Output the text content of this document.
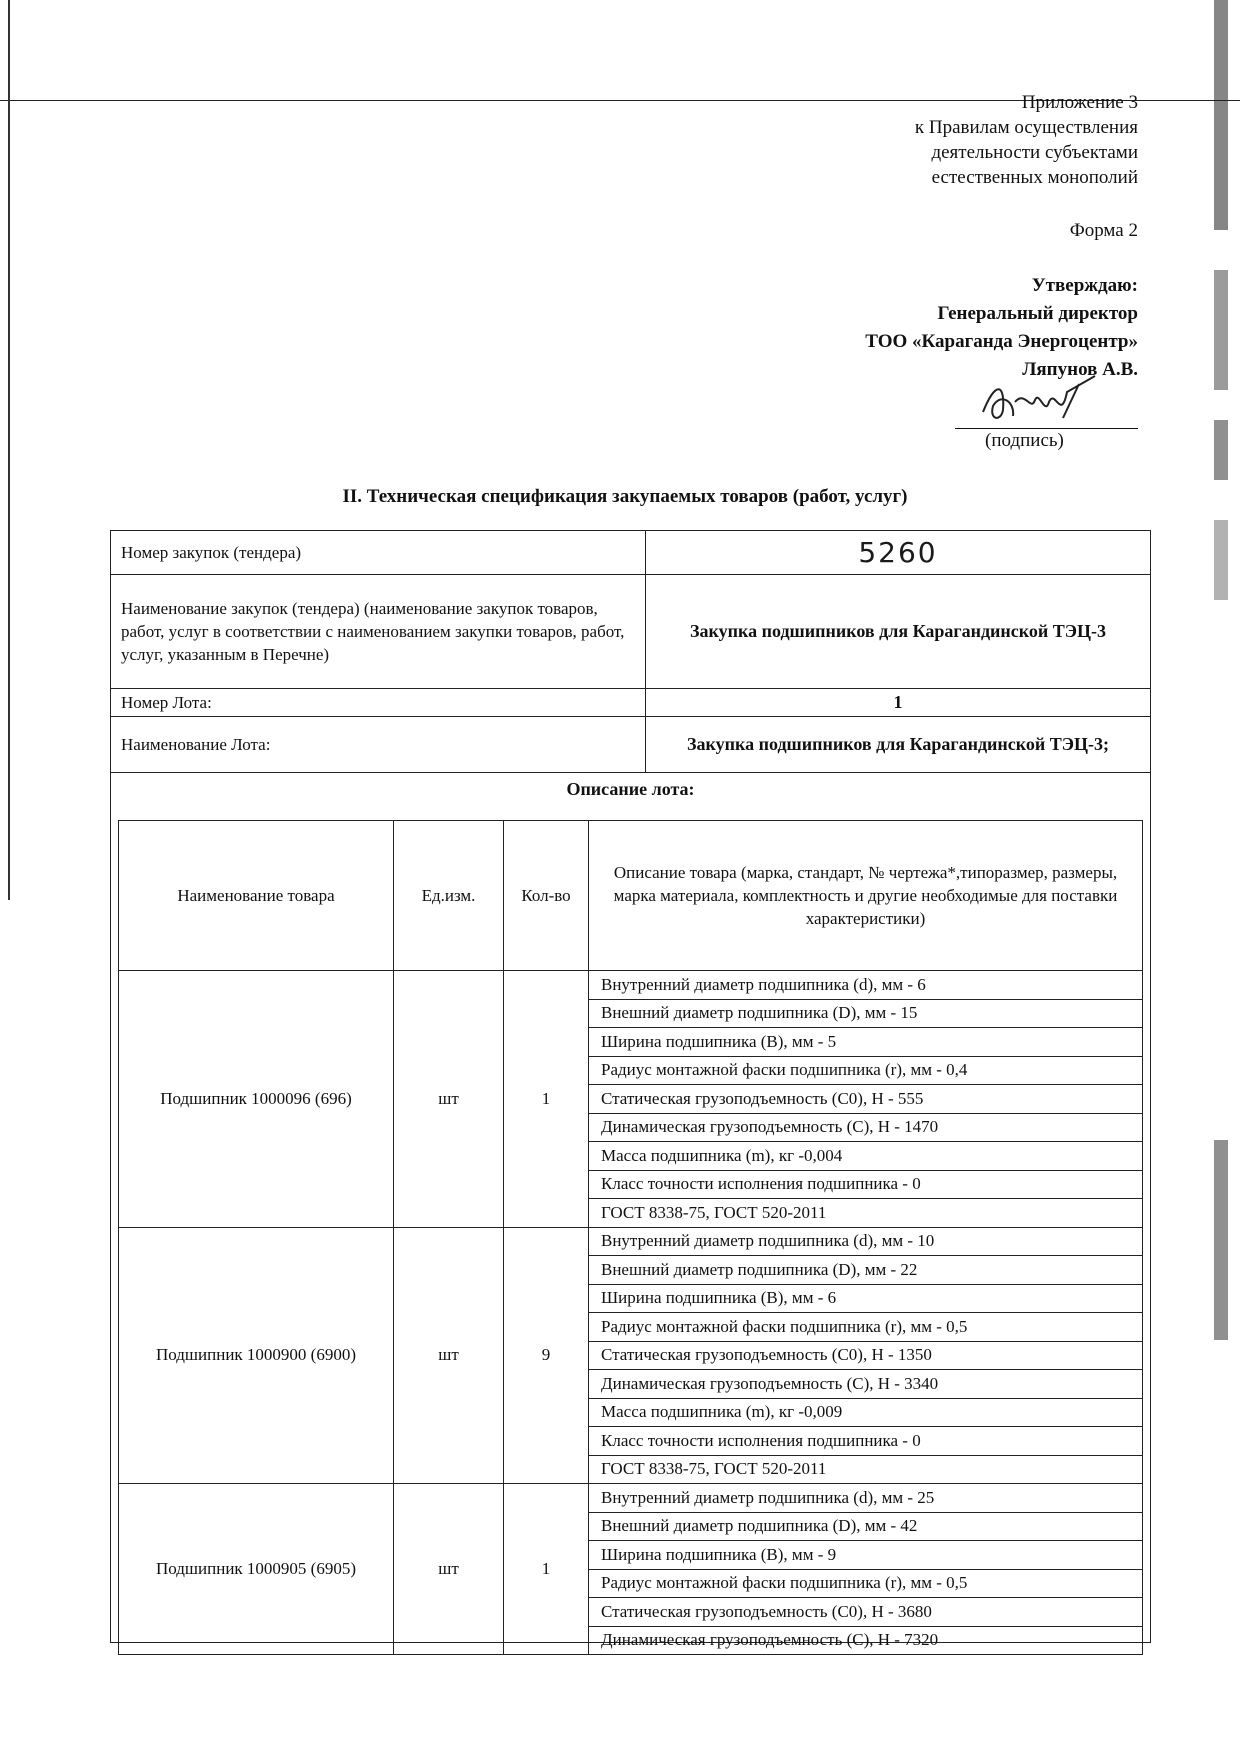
Приложение 3
к Правилам осуществления
деятельности субъектами
естественных монополий
Форма 2
Утверждаю:
Генеральный директор
ТОО «Караганда Энергоцентр»
Ляпунов А.В.
(подпись)
II. Техническая спецификация закупаемых товаров (работ, услуг)
Номер закупок (тендера)	5260
Наименование закупок (тендера) (наименование закупок товаров, работ, услуг в соответствии с наименованием закупки товаров, работ, услуг, указанным в Перечне)	Закупка подшипников для Карагандинской ТЭЦ-3
Номер Лота:	1
Наименование Лота:	Закупка подшипников для Карагандинской ТЭЦ-3;

Описание лота:	
Наименование товара	Ед.изм.	Кол-во	Описание товара (марка, стандарт, № чертежа*,типоразмер, размеры, марка материала, комплектность и другие необходимые для поставки характеристики)
Подшипник 1000096 (696)	шт	1	Внутренний диаметр подшипника (d), мм - 6
			Внешний диаметр подшипника (D), мм - 15
			Ширина подшипника (B), мм - 5
			Радиус монтажной фаски подшипника (r), мм - 0,4
			Статическая грузоподъемность (C0), Н - 555
			Динамическая грузоподъемность (C), Н - 1470
			Масса подшипника (m), кг -0,004
			Класс точности исполнения подшипника - 0
			ГОСТ 8338-75, ГОСТ 520-2011
Подшипник 1000900 (6900)	шт	9	Внутренний диаметр подшипника (d), мм - 10
			Внешний диаметр подшипника (D), мм - 22
			Ширина подшипника (B), мм - 6
			Радиус монтажной фаски подшипника (r), мм - 0,5
			Статическая грузоподъемность (C0), Н - 1350
			Динамическая грузоподъемность (C), Н - 3340
			Масса подшипника (m), кг -0,009
			Класс точности исполнения подшипника - 0
			ГОСТ 8338-75, ГОСТ 520-2011
Подшипник 1000905 (6905)	шт	1	Внутренний диаметр подшипника (d), мм - 25
			Внешний диаметр подшипника (D), мм - 42
			Ширина подшипника (B), мм - 9
			Радиус монтажной фаски подшипника (r), мм - 0,5
			Статическая грузоподъемность (C0), Н - 3680
			Динамическая грузоподъемность (C), Н - 7320
